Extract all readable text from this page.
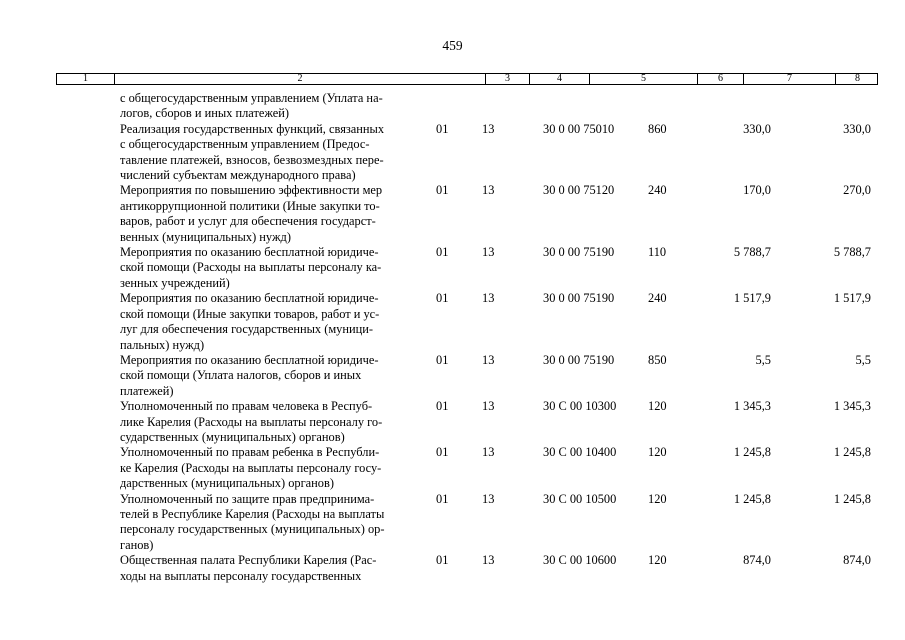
459
1	2	3	4	5	6	7	8
с общегосударственным управлением (Уплата на-
логов, сборов и иных платежей)
Реализация государственных функций, связанных
с общегосударственным управлением (Предос-
тавление платежей, взносов, безвозмездных пере-
числений субъектам международного права)
01	13	30 0 00 75010	860	330,0	330,0
Мероприятия по повышению эффективности мер
антикоррупционной политики (Иные закупки то-
варов, работ и услуг для обеспечения государст-
венных (муниципальных) нужд)
01	13	30 0 00 75120	240	170,0	270,0
Мероприятия по оказанию бесплатной юридиче-
ской помощи (Расходы на выплаты персоналу ка-
зенных учреждений)
01	13	30 0 00 75190	110	5 788,7	5 788,7
Мероприятия по оказанию бесплатной юридиче-
ской помощи (Иные закупки товаров, работ и ус-
луг для обеспечения государственных (муници-
пальных) нужд)
01	13	30 0 00 75190	240	1 517,9	1 517,9
Мероприятия по оказанию бесплатной юридиче-
ской помощи (Уплата налогов, сборов и иных
платежей)
01	13	30 0 00 75190	850	5,5	5,5
Уполномоченный по правам человека в Респуб-
лике Карелия (Расходы на выплаты персоналу го-
сударственных (муниципальных) органов)
01	13	30 С 00 10300	120	1 345,3	1 345,3
Уполномоченный по правам ребенка в Республи-
ке Карелия (Расходы на выплаты персоналу госу-
дарственных (муниципальных) органов)
01	13	30 С 00 10400	120	1 245,8	1 245,8
Уполномоченный по защите прав предпринима-
телей в Республике Карелия (Расходы на выплаты
персоналу государственных (муниципальных) ор-
ганов)
01	13	30 С 00 10500	120	1 245,8	1 245,8
Общественная палата Республики Карелия (Рас-
ходы на выплаты персоналу государственных
01	13	30 С 00 10600	120	874,0	874,0
